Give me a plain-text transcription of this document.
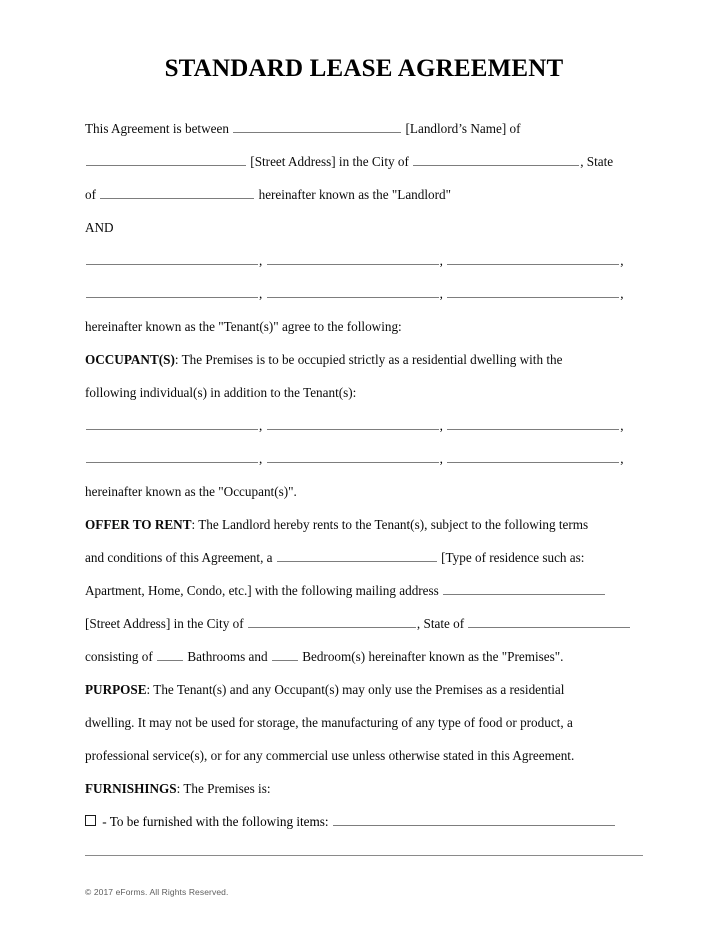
STANDARD LEASE AGREEMENT
This Agreement is between	[Landlord’s Name] of
[Street Address] in the City of	, State
of	hereinafter known as the "Landlord"
AND
,	,	,
,	,	,
hereinafter known as the "Tenant(s)" agree to the following:
OCCUPANT(S): The Premises is to be occupied strictly as a residential dwelling with the
following individual(s) in addition to the Tenant(s):
,	,	,
,	,	,
hereinafter known as the "Occupant(s)".
OFFER TO RENT: The Landlord hereby rents to the Tenant(s), subject to the following terms
and conditions of this Agreement, a	[Type of residence such as:
Apartment, Home, Condo, etc.] with the following mailing address
[Street Address] in the City of	, State of
consisting of  Bathrooms and  Bedroom(s) hereinafter known as the "Premises".
PURPOSE: The Tenant(s) and any Occupant(s) may only use the Premises as a residential
dwelling. It may not be used for storage, the manufacturing of any type of food or product, a
professional service(s), or for any commercial use unless otherwise stated in this Agreement.
FURNISHINGS: The Premises is:
- To be furnished with the following items:
© 2017 eForms. All Rights Reserved.
